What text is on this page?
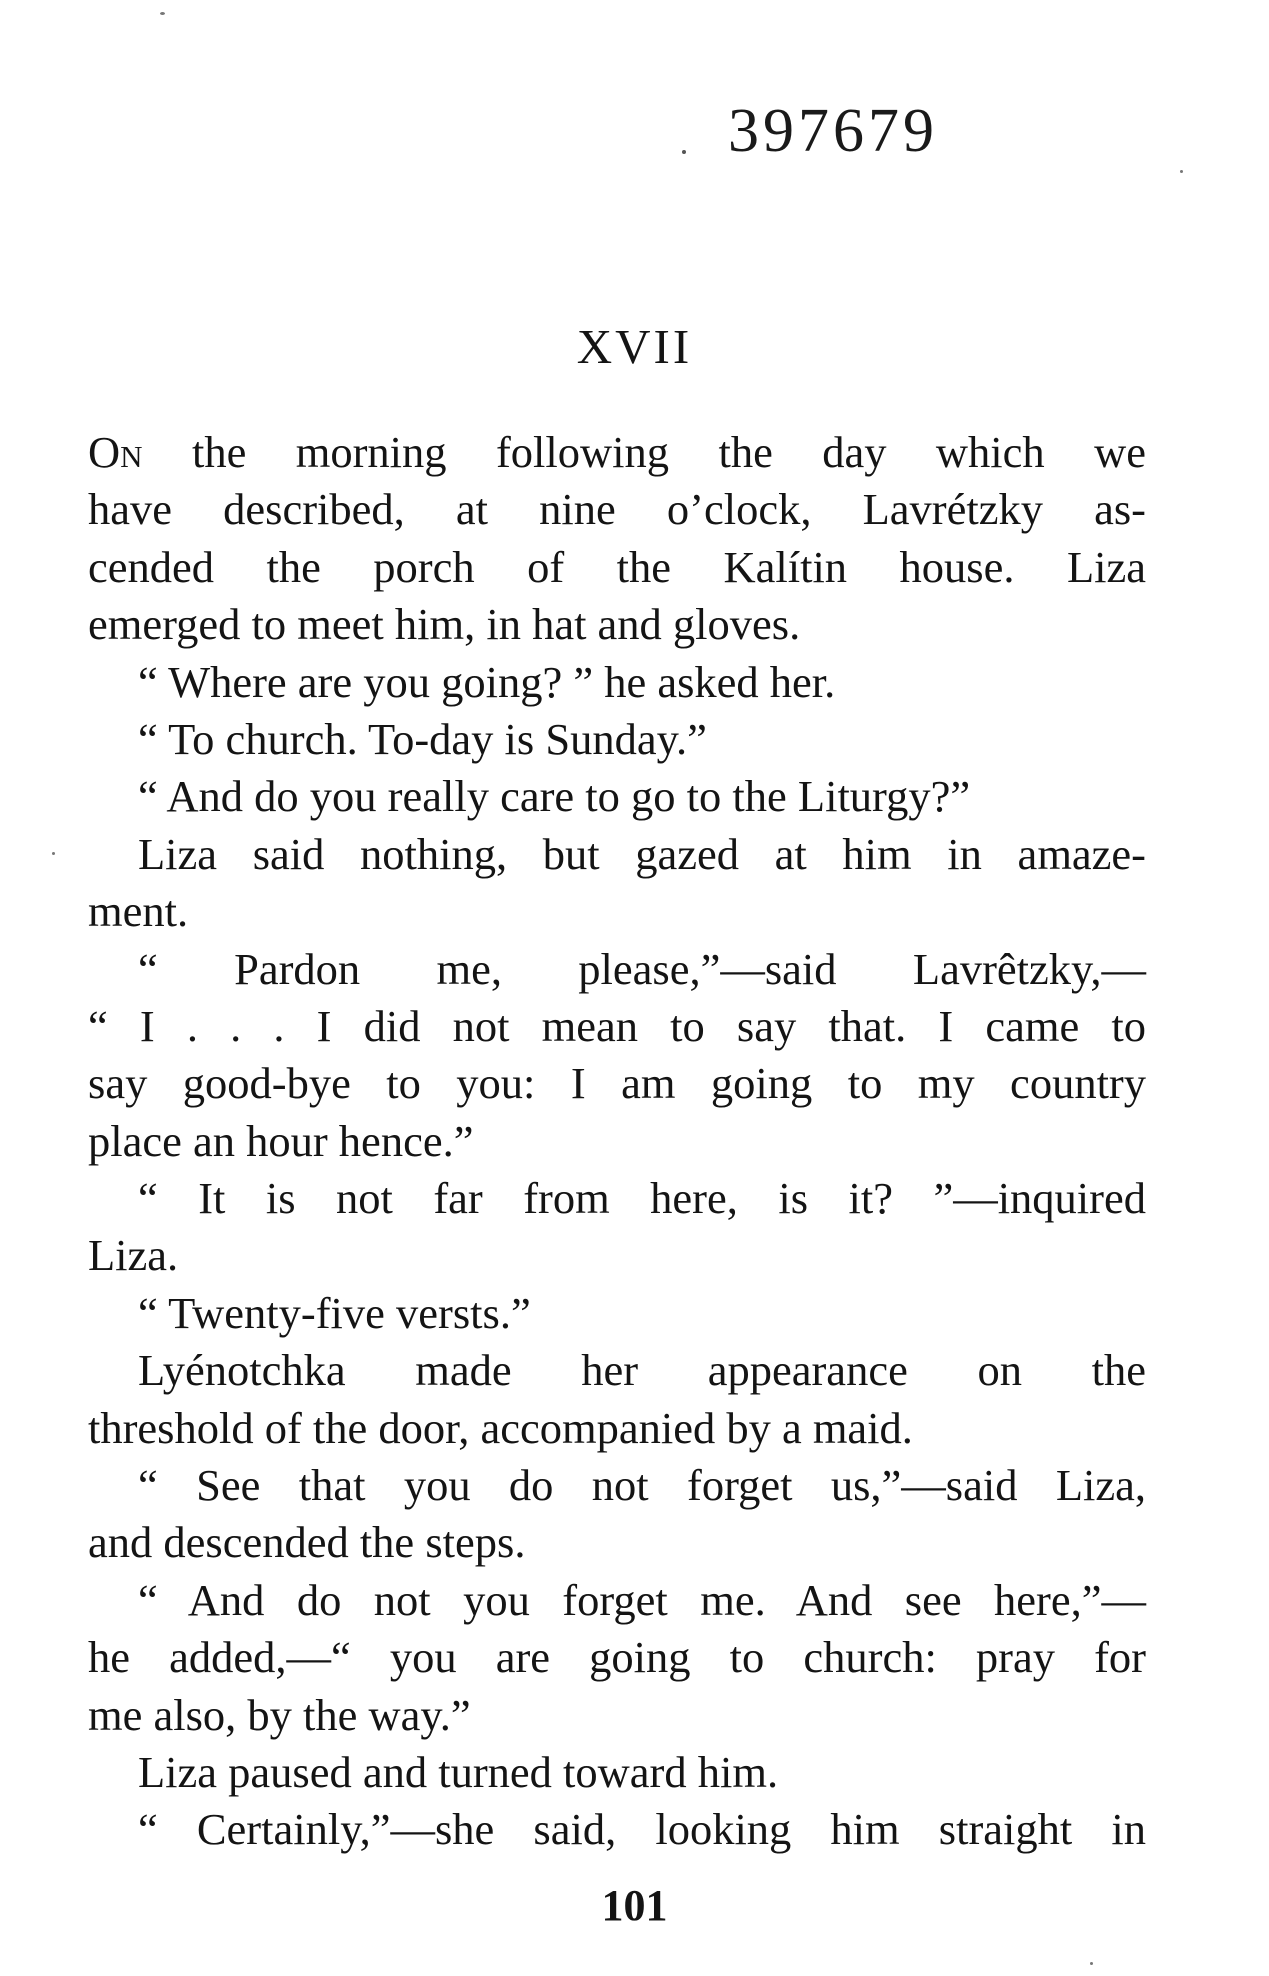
397679
XVII
On the morning following the day which we
have described, at nine o’clock, Lavrétzky as-
cended the porch of the Kalítin house. Liza
emerged to meet him, in hat and gloves.
“ Where are you going? ” he asked her.
“ To church. To-day is Sunday.”
“ And do you really care to go to the Liturgy?”
Liza said nothing, but gazed at him in amaze-
ment.
“ Pardon me, please,”—said Lavrêtzky,—
“ I . . . I did not mean to say that. I came to
say good-bye to you: I am going to my country
place an hour hence.”
“ It is not far from here, is it? ”—inquired
Liza.
“ Twenty-five versts.”
Lyénotchka made her appearance on the
threshold of the door, accompanied by a maid.
“ See that you do not forget us,”—said Liza,
and descended the steps.
“ And do not you forget me. And see here,”—
he added,—“ you are going to church: pray for
me also, by the way.”
Liza paused and turned toward him.
“ Certainly,”—she said, looking him straight in
101
